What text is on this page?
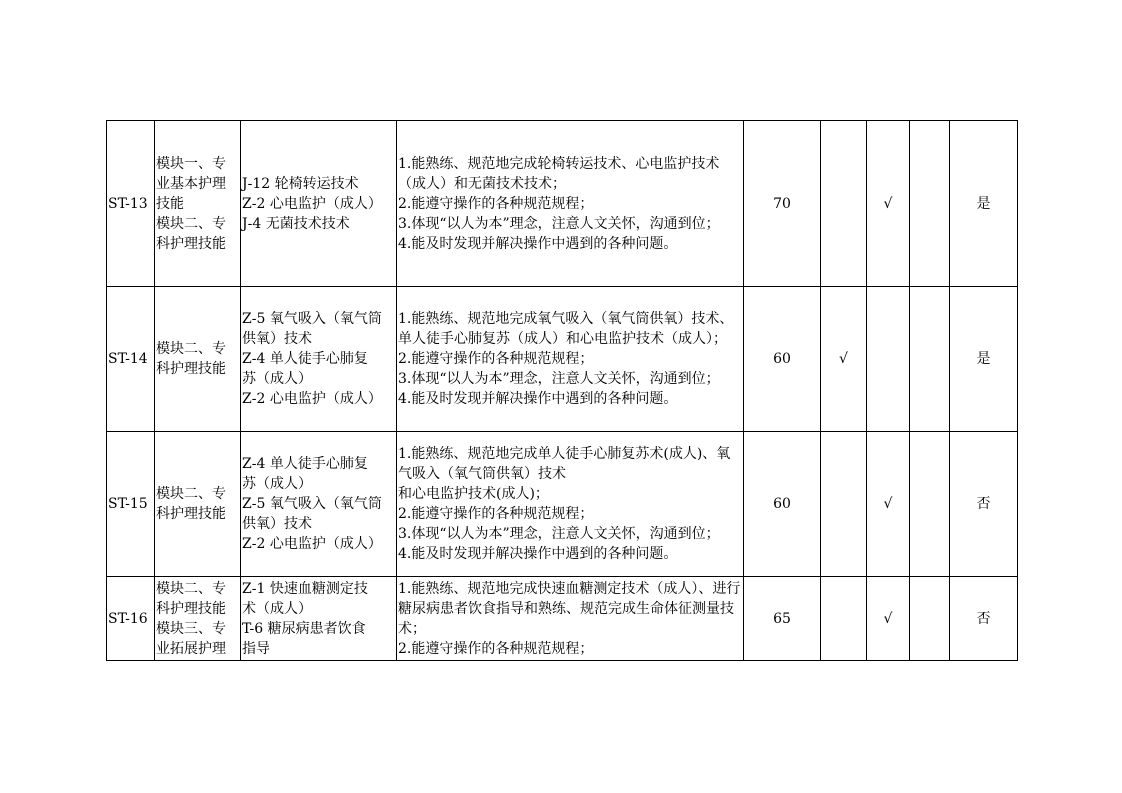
ST-13	模块一、专
业基本护理
技能
模块二、专
科护理技能	J-12 轮椅转运技术
Z-2 心电监护（成人）
J-4 无菌技术技术	1.能熟练、规范地完成轮椅转运技术、心电监护技术（成人）和无菌技术技术；
2.能遵守操作的各种规范规程；
3.体现“以人为本”理念，注意人文关怀，沟通到位；
4.能及时发现并解决操作中遇到的各种问题。	70		√		是
ST-14	模块二、专
科护理技能	Z-5 氧气吸入（氧气筒
供氧）技术
Z-4 单人徒手心肺复
苏（成人）
Z-2 心电监护（成人）	1.能熟练、规范地完成氧气吸入（氧气筒供氧）技术、单人徒手心肺复苏（成人）和心电监护技术（成人）；
2.能遵守操作的各种规范规程；
3.体现“以人为本”理念，注意人文关怀，沟通到位；
4.能及时发现并解决操作中遇到的各种问题。	60	√			是
ST-15	模块二、专
科护理技能	Z-4 单人徒手心肺复
苏（成人）
Z-5 氧气吸入（氧气筒
供氧）技术
Z-2 心电监护（成人）	1.能熟练、规范地完成单人徒手心肺复苏术(成人)、氧气吸入（氧气筒供氧）技术
和心电监护技术(成人)；
2.能遵守操作的各种规范规程；
3.体现“以人为本”理念，注意人文关怀，沟通到位；
4.能及时发现并解决操作中遇到的各种问题。	60		√		否
ST-16	模块二、专
科护理技能
模块三、专
业拓展护理	Z-1 快速血糖测定技
术（成人）
T-6 糖尿病患者饮食
指导	1.能熟练、规范地完成快速血糖测定技术（成人）、进行糖尿病患者饮食指导和熟练、规范完成生命体征测量技术；
2.能遵守操作的各种规范规程；	65		√		否
